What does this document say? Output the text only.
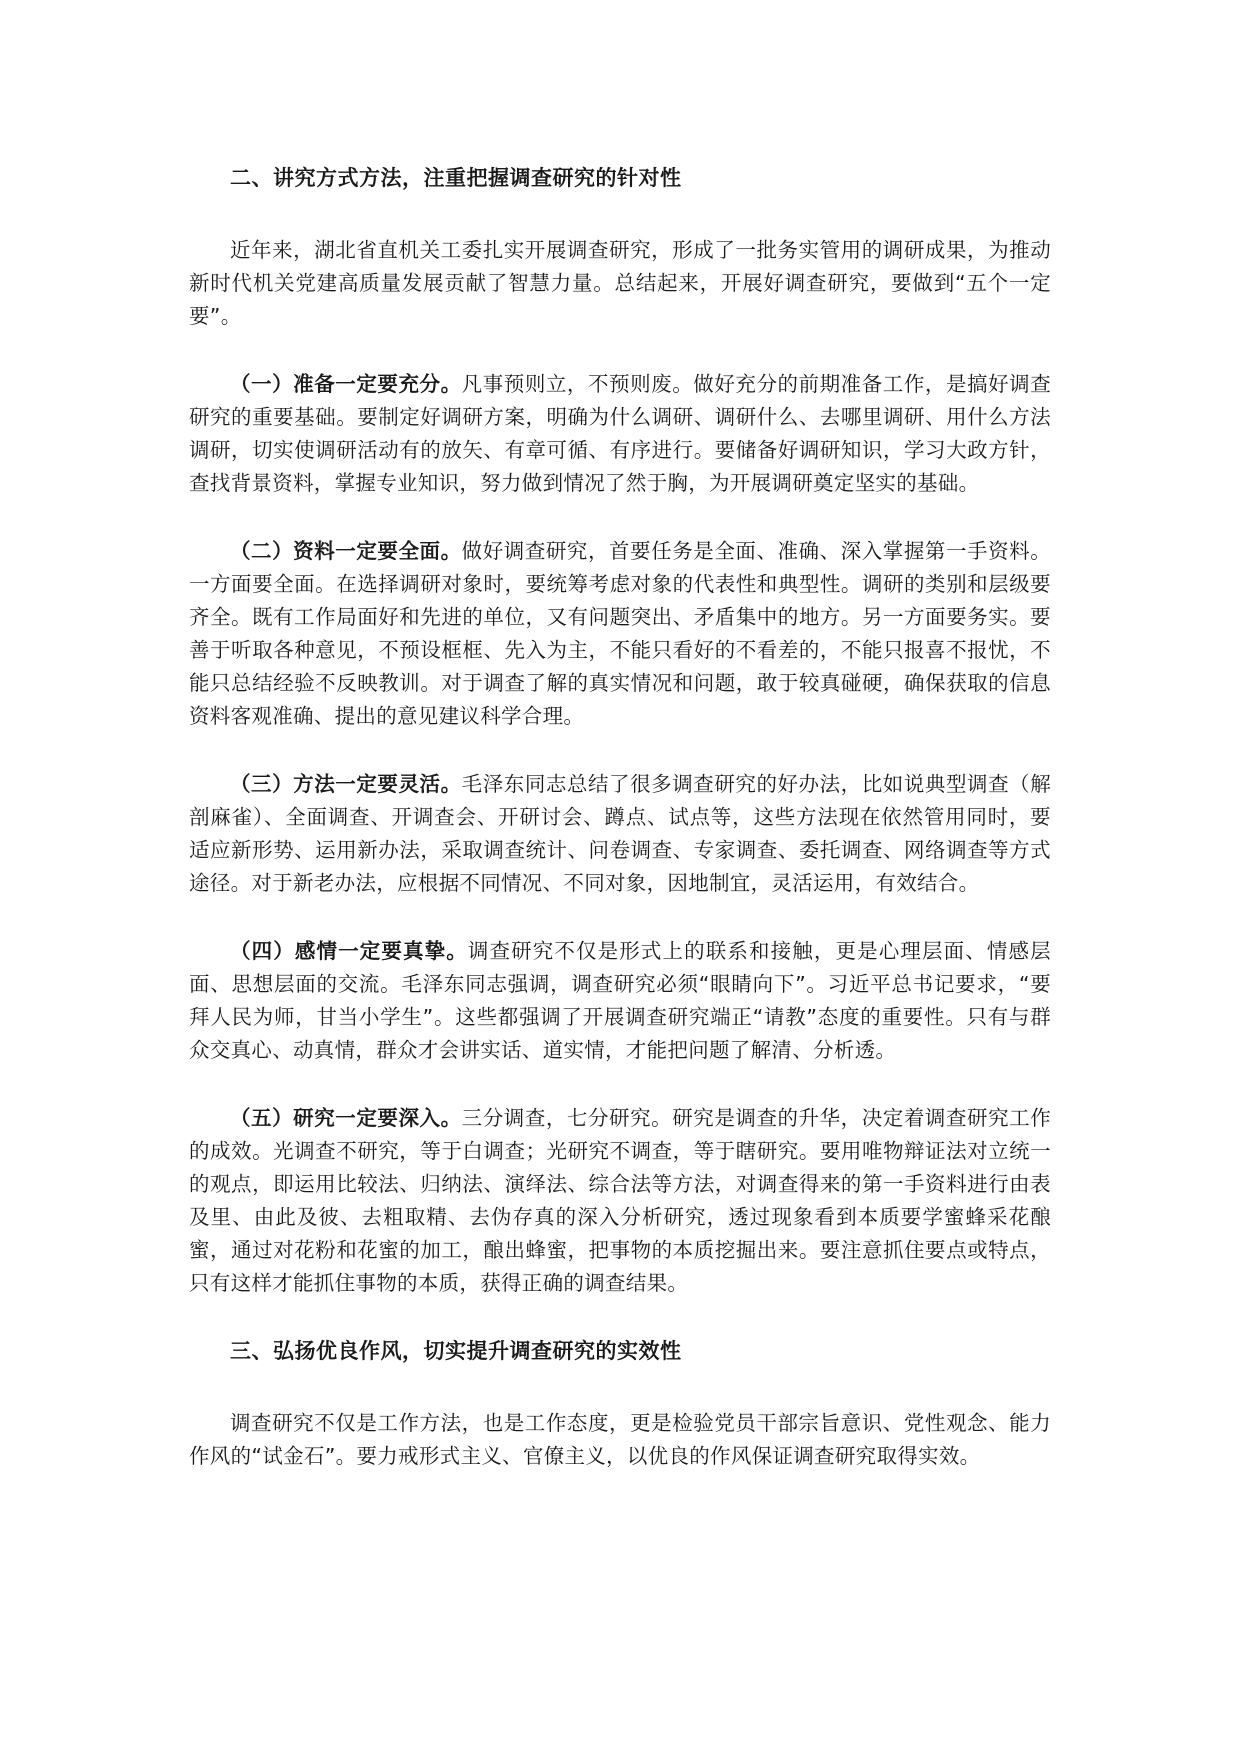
二、讲究方式方法，注重把握调查研究的针对性

近年来，湖北省直机关工委扎实开展调查研究，形成了一批务实管用的调研成果，为推动新时代机关党建高质量发展贡献了智慧力量。总结起来，开展好调查研究，要做到“五个一定要”。

（一）准备一定要充分。凡事预则立，不预则废。做好充分的前期准备工作，是搞好调查研究的重要基础。要制定好调研方案，明确为什么调研、调研什么、去哪里调研、用什么方法调研，切实使调研活动有的放矢、有章可循、有序进行。要储备好调研知识，学习大政方针，查找背景资料，掌握专业知识，努力做到情况了然于胸，为开展调研奠定坚实的基础。

（二）资料一定要全面。做好调查研究，首要任务是全面、准确、深入掌握第一手资料。一方面要全面。在选择调研对象时，要统筹考虑对象的代表性和典型性。调研的类别和层级要齐全。既有工作局面好和先进的单位，又有问题突出、矛盾集中的地方。另一方面要务实。要善于听取各种意见，不预设框框、先入为主，不能只看好的不看差的，不能只报喜不报忧，不能只总结经验不反映教训。对于调查了解的真实情况和问题，敢于较真碰硬，确保获取的信息资料客观准确、提出的意见建议科学合理。

（三）方法一定要灵活。毛泽东同志总结了很多调查研究的好办法，比如说典型调查（解剖麻雀）、全面调查、开调查会、开研讨会、蹲点、试点等，这些方法现在依然管用同时，要适应新形势、运用新办法，采取调查统计、问卷调查、专家调查、委托调查、网络调查等方式途径。对于新老办法，应根据不同情况、不同对象，因地制宜，灵活运用，有效结合。

（四）感情一定要真挚。调查研究不仅是形式上的联系和接触，更是心理层面、情感层面、思想层面的交流。毛泽东同志强调，调查研究必须“眼睛向下”。习近平总书记要求，“要拜人民为师，甘当小学生”。这些都强调了开展调查研究端正“请教”态度的重要性。只有与群众交真心、动真情，群众才会讲实话、道实情，才能把问题了解清、分析透。

（五）研究一定要深入。三分调查，七分研究。研究是调查的升华，决定着调查研究工作的成效。光调查不研究，等于白调查；光研究不调查，等于瞎研究。要用唯物辩证法对立统一的观点，即运用比较法、归纳法、演绎法、综合法等方法，对调查得来的第一手资料进行由表及里、由此及彼、去粗取精、去伪存真的深入分析研究，透过现象看到本质要学蜜蜂采花酿蜜，通过对花粉和花蜜的加工，酿出蜂蜜，把事物的本质挖掘出来。要注意抓住要点或特点，只有这样才能抓住事物的本质，获得正确的调查结果。

三、弘扬优良作风，切实提升调查研究的实效性

调查研究不仅是工作方法，也是工作态度，更是检验党员干部宗旨意识、党性观念、能力作风的“试金石”。要力戒形式主义、官僚主义，以优良的作风保证调查研究取得实效。
